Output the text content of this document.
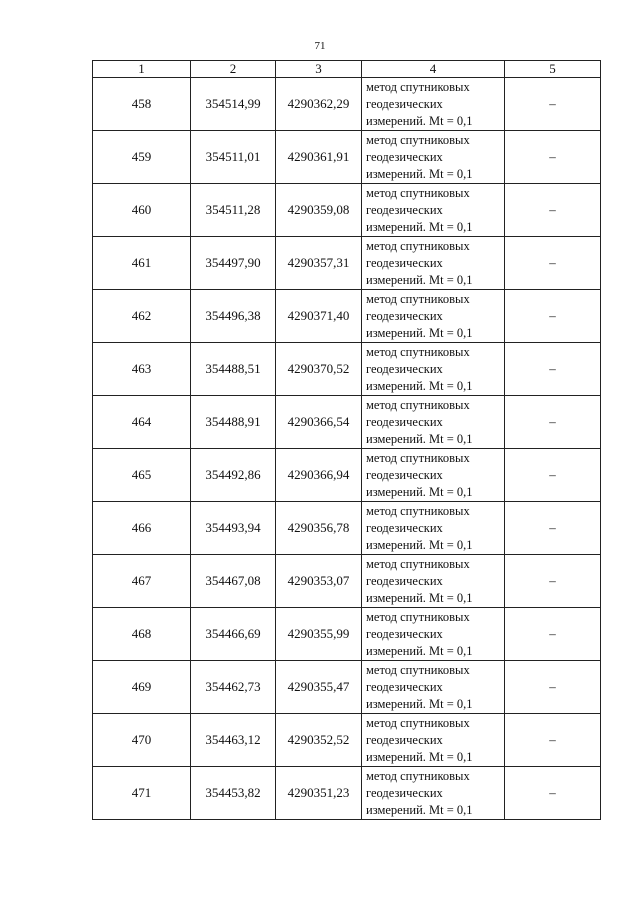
71
1	2	3	4	5
458	354514,99	4290362,29	метод спутниковых
геодезических
измерений. Mt = 0,1	–
459	354511,01	4290361,91	метод спутниковых
геодезических
измерений. Mt = 0,1	–
460	354511,28	4290359,08	метод спутниковых
геодезических
измерений. Mt = 0,1	–
461	354497,90	4290357,31	метод спутниковых
геодезических
измерений. Mt = 0,1	–
462	354496,38	4290371,40	метод спутниковых
геодезических
измерений. Mt = 0,1	–
463	354488,51	4290370,52	метод спутниковых
геодезических
измерений. Mt = 0,1	–
464	354488,91	4290366,54	метод спутниковых
геодезических
измерений. Mt = 0,1	–
465	354492,86	4290366,94	метод спутниковых
геодезических
измерений. Mt = 0,1	–
466	354493,94	4290356,78	метод спутниковых
геодезических
измерений. Mt = 0,1	–
467	354467,08	4290353,07	метод спутниковых
геодезических
измерений. Mt = 0,1	–
468	354466,69	4290355,99	метод спутниковых
геодезических
измерений. Mt = 0,1	–
469	354462,73	4290355,47	метод спутниковых
геодезических
измерений. Mt = 0,1	–
470	354463,12	4290352,52	метод спутниковых
геодезических
измерений. Mt = 0,1	–
471	354453,82	4290351,23	метод спутниковых
геодезических
измерений. Mt = 0,1	–
